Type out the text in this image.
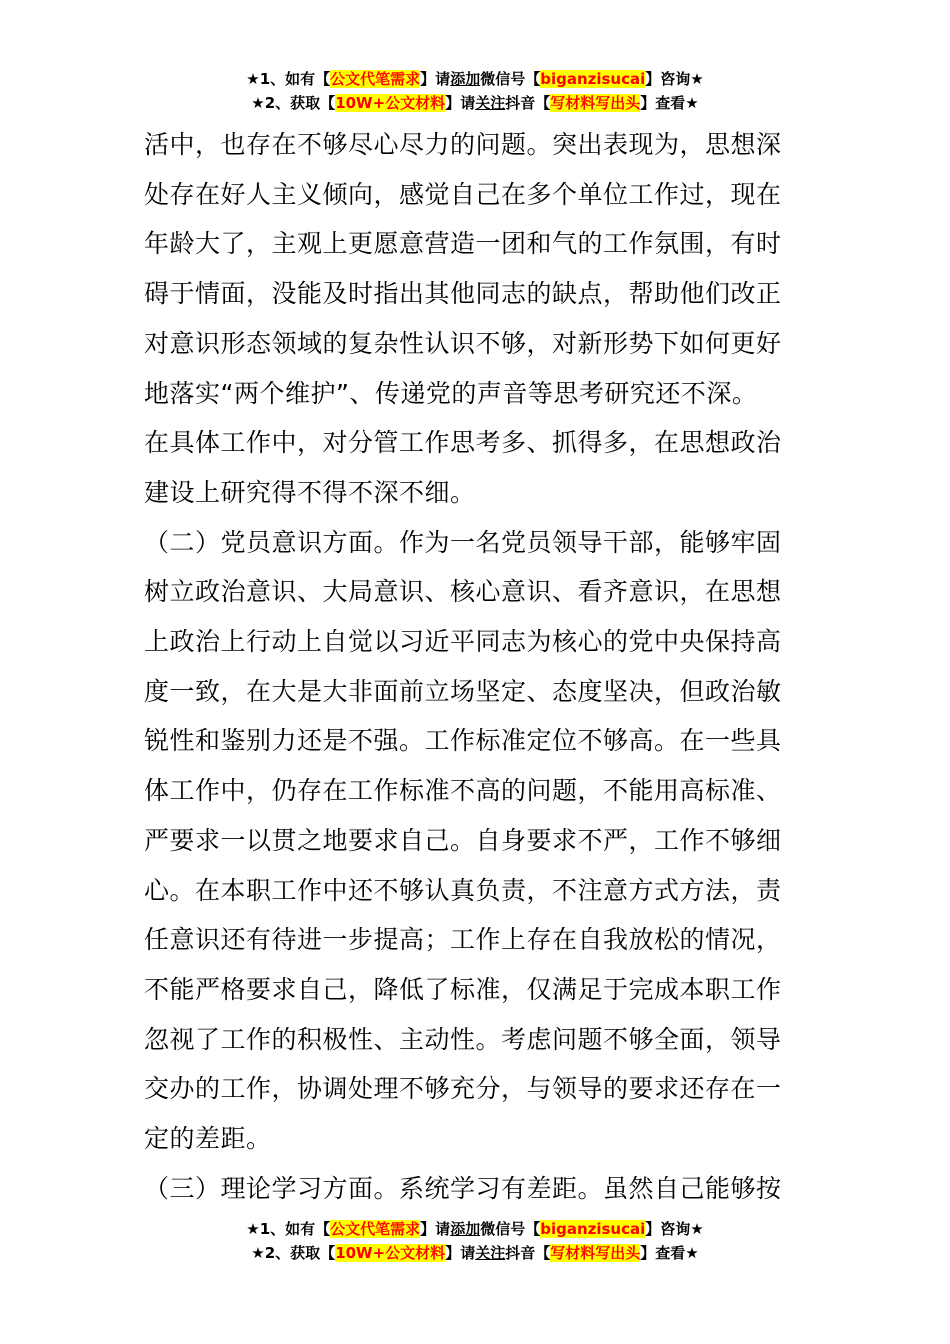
★1、如有【公文代笔需求】请添加微信号【biganzisucai】咨询★
★2、获取【10W+公文材料】请关注抖音【写材料写出头】查看★

活中，也存在不够尽心尽力的问题。突出表现为，思想深

处存在好人主义倾向，感觉自己在多个单位工作过，现在

年龄大了，主观上更愿意营造一团和气的工作氛围，有时

碍于情面，没能及时指出其他同志的缺点，帮助他们改正

对意识形态领域的复杂性认识不够，对新形势下如何更好

地落实“两个维护”、传递党的声音等思考研究还不深。

在具体工作中，对分管工作思考多、抓得多，在思想政治

建设上研究得不得不深不细。

（二）党员意识方面。作为一名党员领导干部，能够牢固

树立政治意识、大局意识、核心意识、看齐意识，在思想

上政治上行动上自觉以习近平同志为核心的党中央保持高

度一致，在大是大非面前立场坚定、态度坚决，但政治敏

锐性和鉴别力还是不强。工作标准定位不够高。在一些具

体工作中，仍存在工作标准不高的问题，不能用高标准、

严要求一以贯之地要求自己。自身要求不严，工作不够细

心。在本职工作中还不够认真负责，不注意方式方法，责

任意识还有待进一步提高；工作上存在自我放松的情况，

不能严格要求自己，降低了标准，仅满足于完成本职工作

忽视了工作的积极性、主动性。考虑问题不够全面，领导

交办的工作，协调处理不够充分，与领导的要求还存在一

定的差距。

（三）理论学习方面。系统学习有差距。虽然自己能够按

★1、如有【公文代笔需求】请添加微信号【biganzisucai】咨询★
★2、获取【10W+公文材料】请关注抖音【写材料写出头】查看★
